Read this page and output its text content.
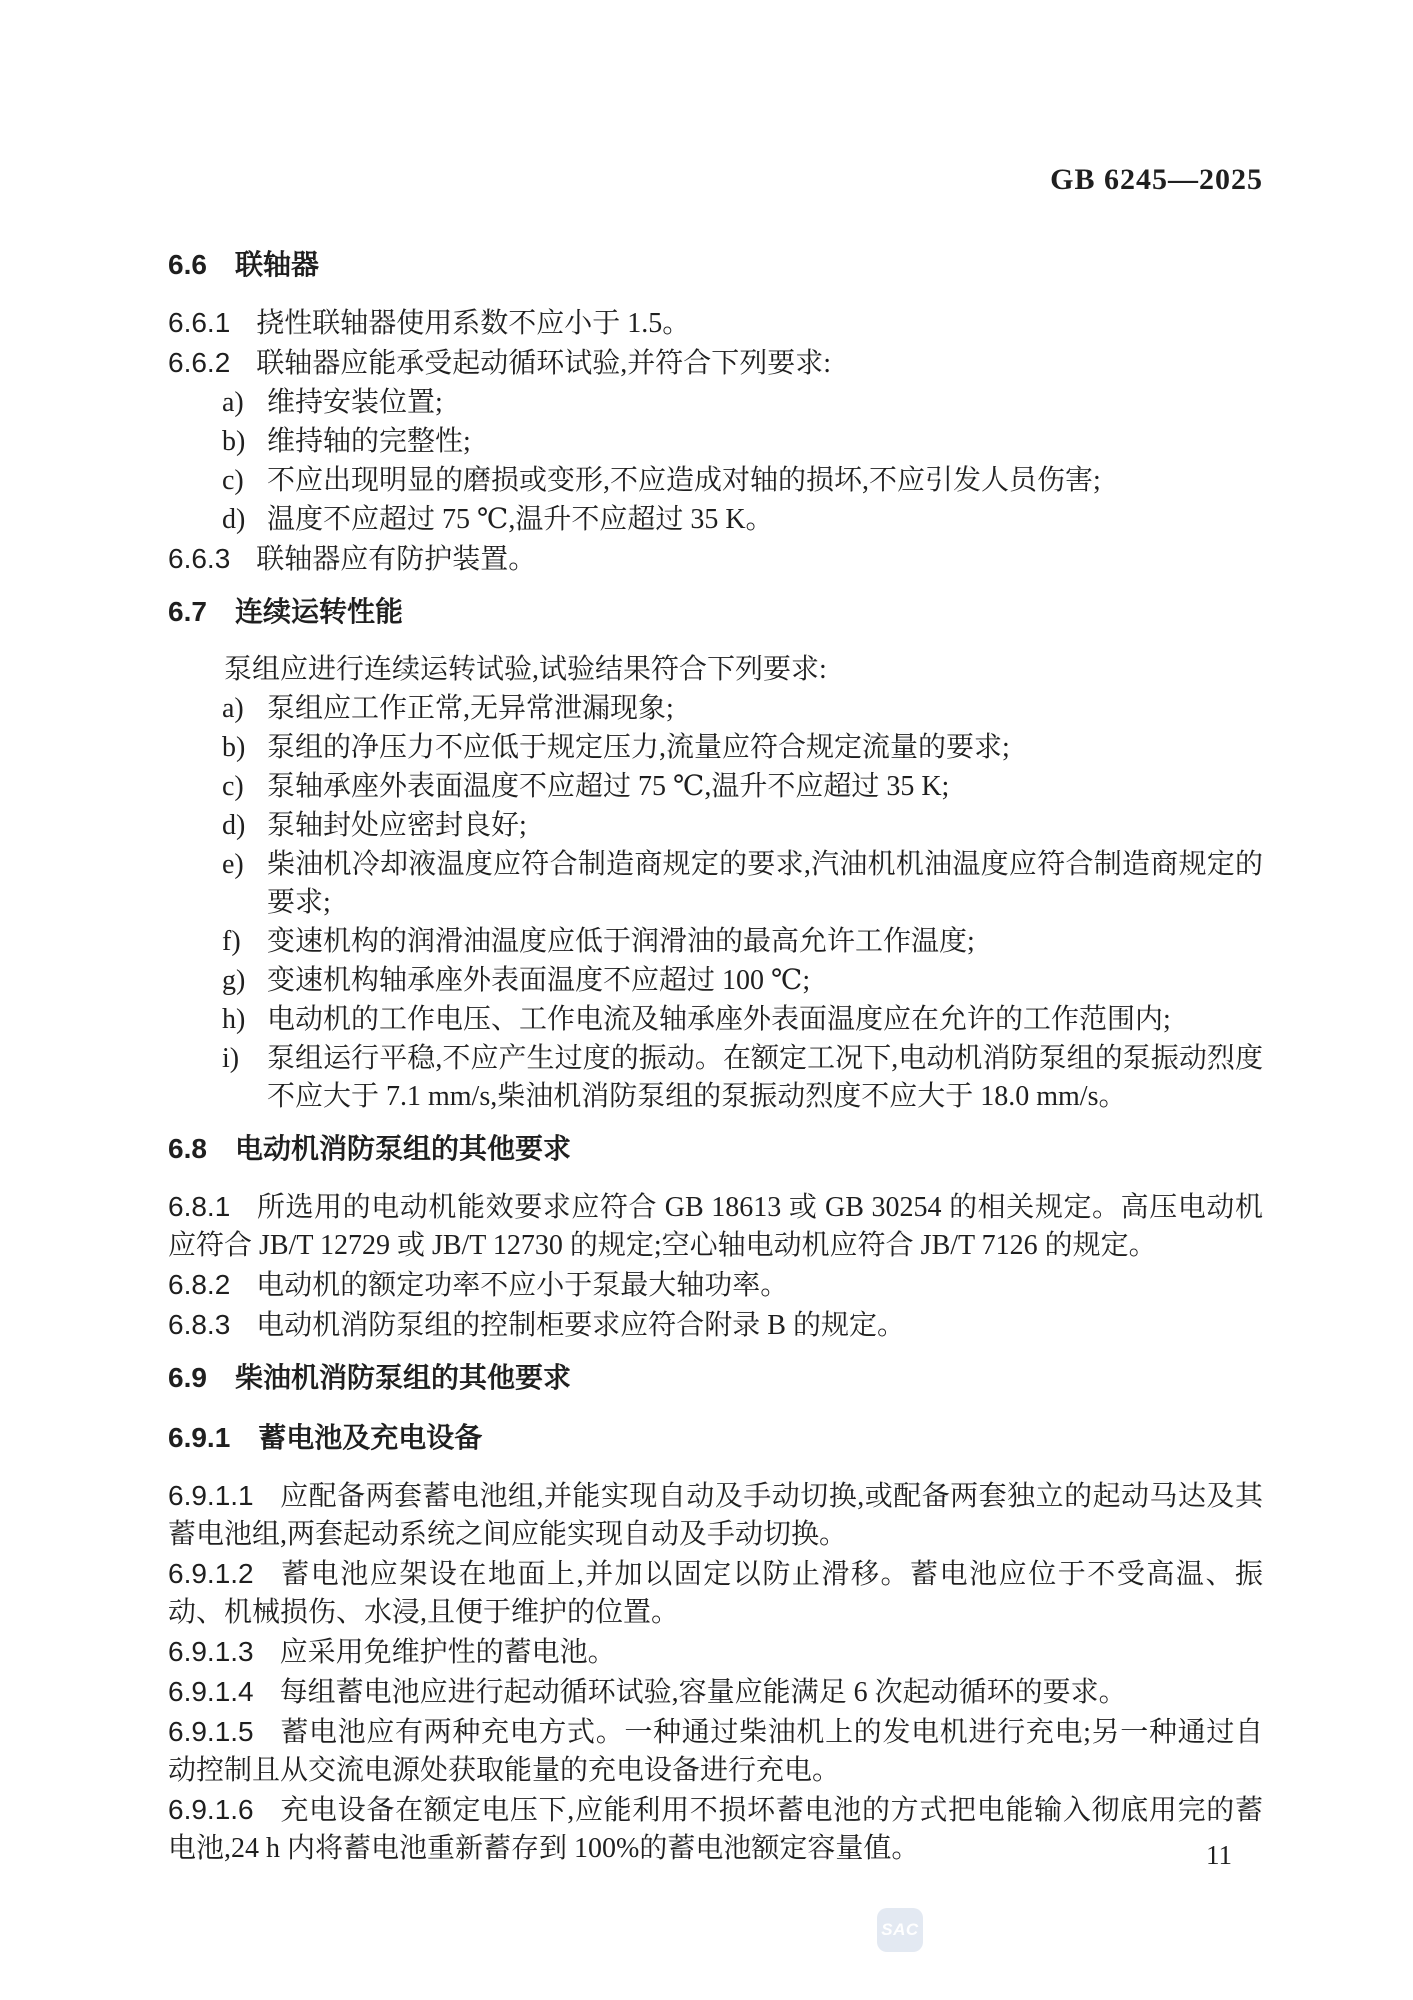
GB 6245—2025
6.6 联轴器
6.6.1 挠性联轴器使用系数不应小于 1.5。
6.6.2 联轴器应能承受起动循环试验,并符合下列要求:
a) 维持安装位置;
b) 维持轴的完整性;
c) 不应出现明显的磨损或变形,不应造成对轴的损坏,不应引发人员伤害;
d) 温度不应超过 75 ℃,温升不应超过 35 K。
6.6.3 联轴器应有防护装置。
6.7 连续运转性能
泵组应进行连续运转试验,试验结果符合下列要求:
a) 泵组应工作正常,无异常泄漏现象;
b) 泵组的净压力不应低于规定压力,流量应符合规定流量的要求;
c) 泵轴承座外表面温度不应超过 75 ℃,温升不应超过 35 K;
d) 泵轴封处应密封良好;
e) 柴油机冷却液温度应符合制造商规定的要求,汽油机机油温度应符合制造商规定的要求;
f) 变速机构的润滑油温度应低于润滑油的最高允许工作温度;
g) 变速机构轴承座外表面温度不应超过 100 ℃;
h) 电动机的工作电压、工作电流及轴承座外表面温度应在允许的工作范围内;
i) 泵组运行平稳,不应产生过度的振动。在额定工况下,电动机消防泵组的泵振动烈度不应大于 7.1 mm/s,柴油机消防泵组的泵振动烈度不应大于 18.0 mm/s。
6.8 电动机消防泵组的其他要求
6.8.1 所选用的电动机能效要求应符合 GB 18613 或 GB 30254 的相关规定。高压电动机应符合 JB/T 12729 或 JB/T 12730 的规定;空心轴电动机应符合 JB/T 7126 的规定。
6.8.2 电动机的额定功率不应小于泵最大轴功率。
6.8.3 电动机消防泵组的控制柜要求应符合附录 B 的规定。
6.9 柴油机消防泵组的其他要求
6.9.1 蓄电池及充电设备
6.9.1.1 应配备两套蓄电池组,并能实现自动及手动切换,或配备两套独立的起动马达及其蓄电池组,两套起动系统之间应能实现自动及手动切换。
6.9.1.2 蓄电池应架设在地面上,并加以固定以防止滑移。蓄电池应位于不受高温、振动、机械损伤、水浸,且便于维护的位置。
6.9.1.3 应采用免维护性的蓄电池。
6.9.1.4 每组蓄电池应进行起动循环试验,容量应能满足 6 次起动循环的要求。
6.9.1.5 蓄电池应有两种充电方式。一种通过柴油机上的发电机进行充电;另一种通过自动控制且从交流电源处获取能量的充电设备进行充电。
6.9.1.6 充电设备在额定电压下,应能利用不损坏蓄电池的方式把电能输入彻底用完的蓄电池,24 h 内将蓄电池重新蓄存到 100%的蓄电池额定容量值。	11
SAC
